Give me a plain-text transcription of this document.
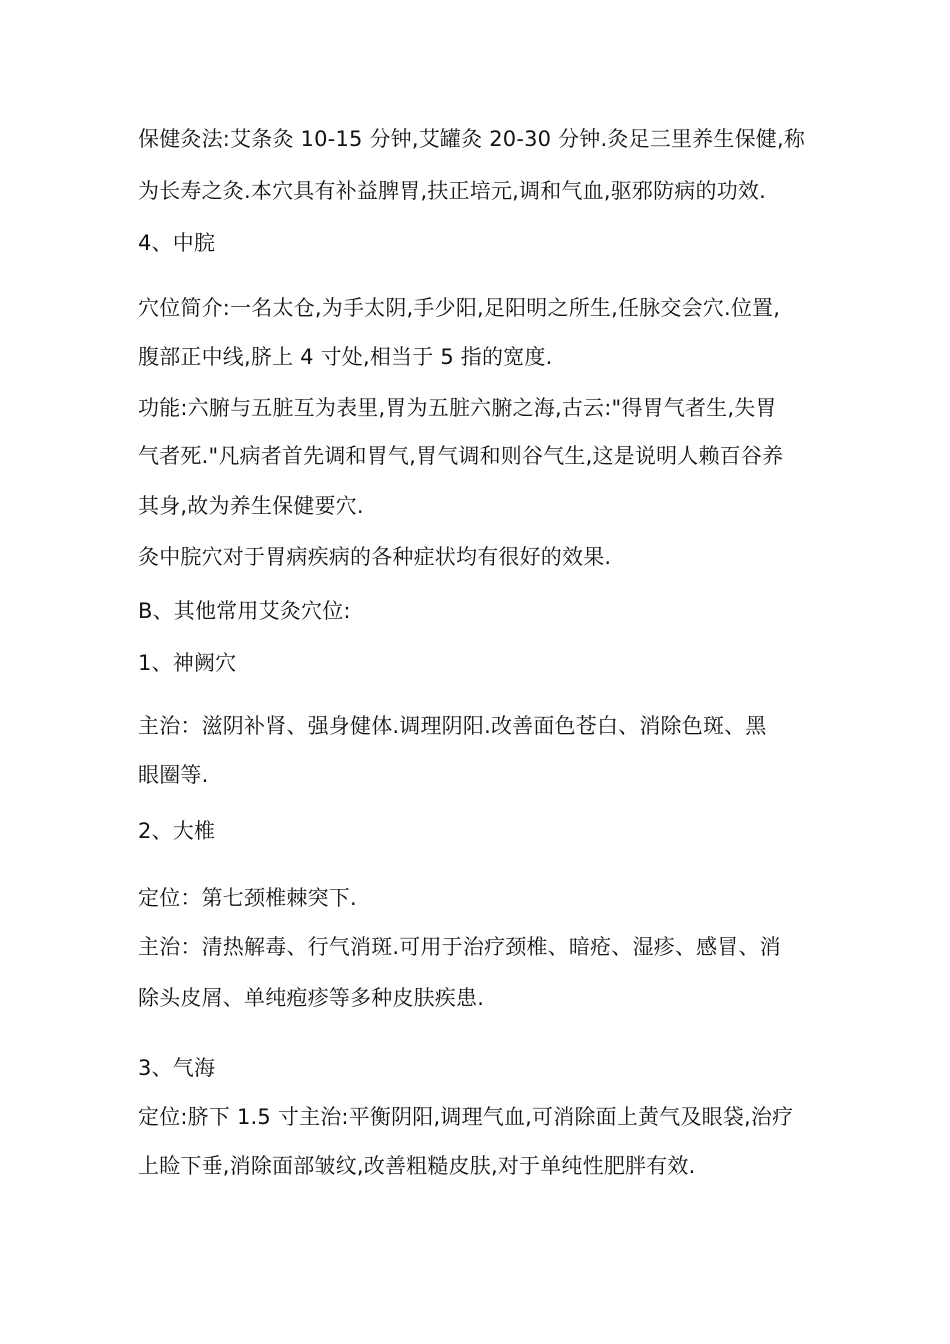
保健灸法:艾条灸 10-15 分钟,艾罐灸 20-30 分钟.灸足三里养生保健,称
为长寿之灸.本穴具有补益脾胃,扶正培元,调和气血,驱邪防病的功效.
4、中脘
穴位简介:一名太仓,为手太阴,手少阳,足阳明之所生,任脉交会穴.位置,
腹部正中线,脐上 4 寸处,相当于 5 指的宽度.
功能:六腑与五脏互为表里,胃为五脏六腑之海,古云:"得胃气者生,失胃
气者死."凡病者首先调和胃气,胃气调和则谷气生,这是说明人赖百谷养
其身,故为养生保健要穴.
灸中脘穴对于胃病疾病的各种症状均有很好的效果.
B、其他常用艾灸穴位:
1、神阙穴
主治：滋阴补肾、强身健体.调理阴阳.改善面色苍白、消除色斑、黑
眼圈等.
2、大椎
定位：第七颈椎棘突下.
主治：清热解毒、行气消斑.可用于治疗颈椎、暗疮、湿疹、感冒、消
除头皮屑、单纯疱疹等多种皮肤疾患.
3、气海
定位:脐下 1.5 寸主治:平衡阴阳,调理气血,可消除面上黄气及眼袋,治疗
上睑下垂,消除面部皱纹,改善粗糙皮肤,对于单纯性肥胖有效.
